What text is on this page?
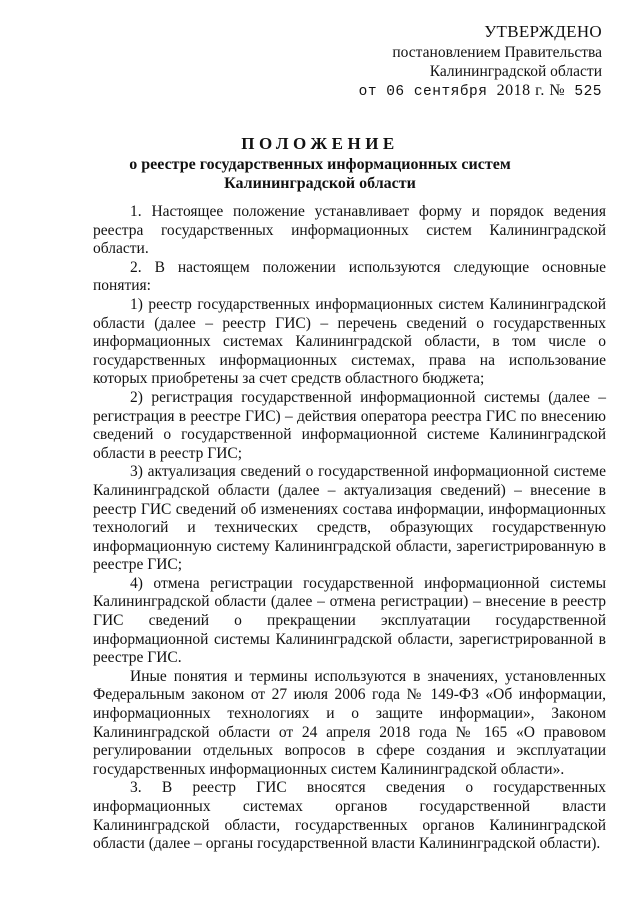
УТВЕРЖДЕНО
постановлением Правительства
Калининградской области
от 06 сентября 2018 г. № 525
ПОЛОЖЕНИЕ
о реестре государственных информационных систем
Калининградской области

1. Настоящее положение устанавливает форму и порядок ведения реестра государственных информационных систем Калининградской области.

2. В настоящем положении используются следующие основные понятия:

1) реестр государственных информационных систем Калининградской области (далее – реестр ГИС) – перечень сведений о государственных информационных системах Калининградской области, в том числе о государственных информационных системах, права на использование которых приобретены за счет средств областного бюджета;

2) регистрация государственной информационной системы (далее – регистрация в реестре ГИС) – действия оператора реестра ГИС по внесению сведений о государственной информационной системе Калининградской области в реестр ГИС;

3) актуализация сведений о государственной информационной системе Калининградской области (далее – актуализация сведений) – внесение в реестр ГИС сведений об изменениях состава информации, информационных технологий и технических средств, образующих государственную информационную систему Калининградской области, зарегистрированную в реестре ГИС;

4) отмена регистрации государственной информационной системы Калининградской области (далее – отмена регистрации) – внесение в реестр ГИС сведений о прекращении эксплуатации государственной информационной системы Калининградской области, зарегистрированной в реестре ГИС.

Иные понятия и термины используются в значениях, установленных Федеральным законом от 27 июля 2006 года № 149-ФЗ «Об информации, информационных технологиях и о защите информации», Законом Калининградской области от 24 апреля 2018 года № 165 «О правовом регулировании отдельных вопросов в сфере создания и эксплуатации государственных информационных систем Калининградской области».

3. В реестр ГИС вносятся сведения о государственных информационных системах органов государственной власти Калининградской области, государственных органов Калининградской области (далее – органы государственной власти Калининградской области).
